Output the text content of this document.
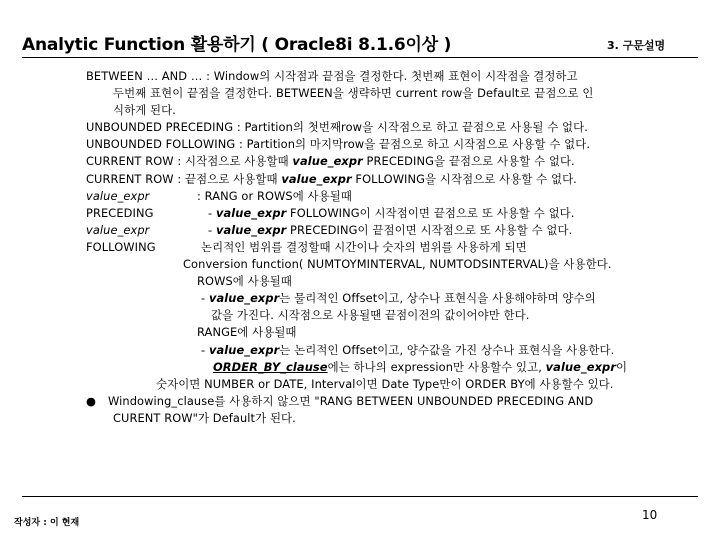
Analytic Function 활용하기 ( Oracle8i 8.1.6이상 )	3. 구문설명
BETWEEN … AND … : Window의 시작점과 끝점을 결정한다. 첫번째 표현이 시작점을 결정하고
두번째 표현이 끝점을 결정한다. BETWEEN을 생략하면 current row을 Default로 끝점으로 인
식하게 된다.
UNBOUNDED PRECEDING : Partition의 첫번째row을 시작점으로 하고 끝점으로 사용될 수 없다.
UNBOUNDED FOLLOWING : Partition의 마지막row을 끝점으로 하고 시작점으로 사용할 수 없다.
CURRENT ROW : 시작점으로 사용할때 value_expr PRECEDING을 끝점으로 사용할 수 없다.
CURRENT ROW : 끝점으로 사용할때 value_expr FOLLOWING을 시작점으로 사용할 수 없다.
value_expr	: RANG or ROWS에 사용될때
PRECEDING	- value_expr FOLLOWING이 시작점이면 끝점으로 또 사용할 수 없다.
value_expr	- value_expr PRECEDING이 끝점이면 시작점으로 또 사용할 수 없다.
FOLLOWING	논리적인 범위를 결정할때 시간이나 숫자의 범위를 사용하게 되면
Conversion function( NUMTOYMINTERVAL, NUMTODSINTERVAL)을 사용한다.
ROWS에 사용될때
- value_expr는 물리적인 Offset이고, 상수나 표현식을 사용해야하며 양수의
값을 가진다. 시작점으로 사용될땐 끝점이전의 값이어야만 한다.
RANGE에 사용될때
- value_expr는 논리적인 Offset이고, 양수값을 가진 상수나 표현식을 사용한다.
ORDER_BY_clause에는 하나의 expression만 사용할수 있고, value_expr이
숫자이면 NUMBER or DATE, Interval이면 Date Type만이 ORDER BY에 사용할수 있다.
● Windowing_clause를 사용하지 않으면 "RANG BETWEEN UNBOUNDED PRECEDING AND
CURENT ROW"가 Default가 된다.
작성자 : 이 현재
10
